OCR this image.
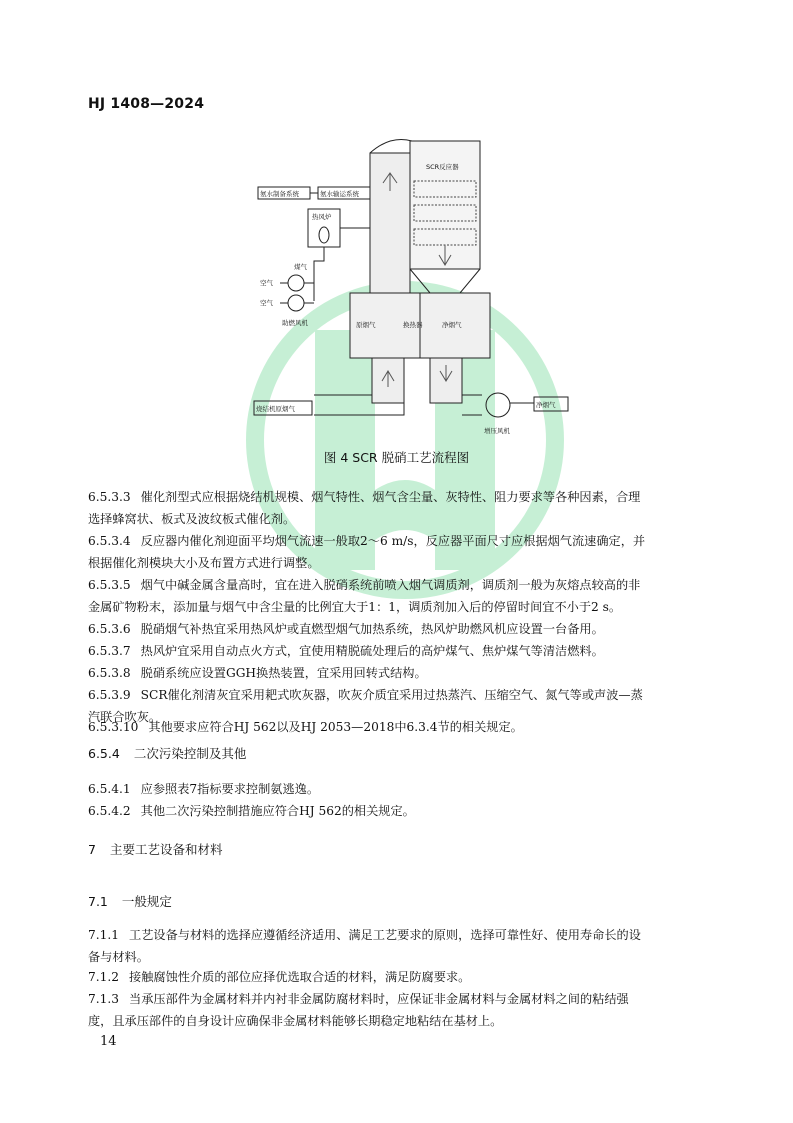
HJ 1408—2024
SCR反应器
氨水制备系统	氨水输运系统
热风炉
煤气
空气
空气
助燃风机	原烟气	换热器	净烟气
烧结机原烟气	净烟气
增压风机
图 4 SCR 脱硝工艺流程图
6.5.4 二次污染控制及其他
7 主要工艺设备和材料
7.1 一般规定
14
6.5.3.3 催化剂型式应根据烧结机规模、烟气特性、烟气含尘量、灰特性、阻力要求等各种因素，合理
选择蜂窝状、板式及波纹板式催化剂。
6.5.3.4 反应器内催化剂迎面平均烟气流速一般取2～6 m/s，反应器平面尺寸应根据烟气流速确定，并
根据催化剂模块大小及布置方式进行调整。
6.5.3.5 烟气中碱金属含量高时，宜在进入脱硝系统前喷入烟气调质剂，调质剂一般为灰熔点较高的非
金属矿物粉末，添加量与烟气中含尘量的比例宜大于1：1，调质剂加入后的停留时间宜不小于2 s。
6.5.3.6 脱硝烟气补热宜采用热风炉或直燃型烟气加热系统，热风炉助燃风机应设置一台备用。
6.5.3.7 热风炉宜采用自动点火方式，宜使用精脱硫处理后的高炉煤气、焦炉煤气等清洁燃料。
6.5.3.8 脱硝系统应设置GGH换热装置，宜采用回转式结构。
6.5.3.9 SCR催化剂清灰宜采用耙式吹灰器，吹灰介质宜采用过热蒸汽、压缩空气、氮气等或声波—蒸
汽联合吹灰。
6.5.3.10 其他要求应符合HJ 562以及HJ 2053—2018中6.3.4节的相关规定。
6.5.4.1 应参照表7指标要求控制氨逃逸。
6.5.4.2 其他二次污染控制措施应符合HJ 562的相关规定。
7.1.1 工艺设备与材料的选择应遵循经济适用、满足工艺要求的原则，选择可靠性好、使用寿命长的设
备与材料。
7.1.2 接触腐蚀性介质的部位应择优选取合适的材料，满足防腐要求。
7.1.3 当承压部件为金属材料并内衬非金属防腐材料时，应保证非金属材料与金属材料之间的粘结强
度，且承压部件的自身设计应确保非金属材料能够长期稳定地粘结在基材上。
